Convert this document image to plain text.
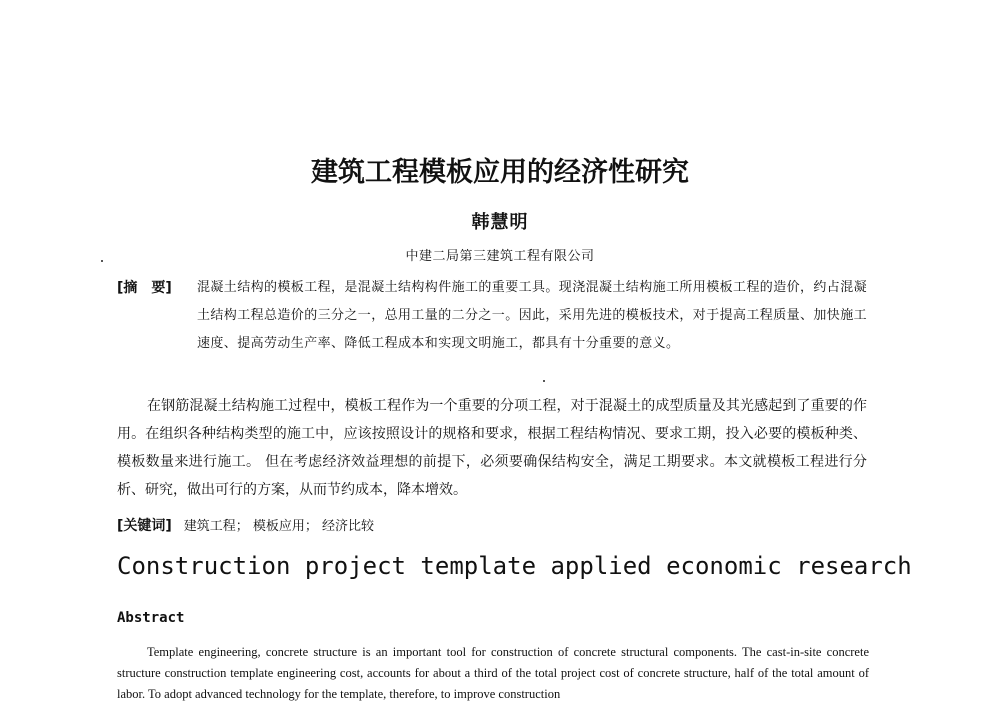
建筑工程模板应用的经济性研究
韩慧明
中建二局第三建筑工程有限公司
[摘　要] 混凝土结构的模板工程，是混凝土结构构件施工的重要工具。现浇混凝土结构施工所用模板工程的造价，约占混凝土结构工程总造价的三分之一，总用工量的二分之一。因此，采用先进的模板技术，对于提高工程质量、加快施工速度、提高劳动生产率、降低工程成本和实现文明施工，都具有十分重要的意义。
在钢筋混凝土结构施工过程中，模板工程作为一个重要的分项工程，对于混凝土的成型质量及其光感起到了重要的作用。在组织各种结构类型的施工中，应该按照设计的规格和要求，根据工程结构情况、要求工期，投入必要的模板种类、模板数量来进行施工。 但在考虑经济效益理想的前提下，必须要确保结构安全，满足工期要求。本文就模板工程进行分析、研究，做出可行的方案，从而节约成本，降本增效。
[关键词] 建筑工程； 模板应用； 经济比较
Construction project template applied economic research
Abstract
Template engineering, concrete structure is an important tool for construction of concrete structural components. The cast-in-site concrete structure construction template engineering cost, accounts for about a third of the total project cost of concrete structure, half of the total amount of labor. To adopt advanced technology for the template, therefore, to improve construction
